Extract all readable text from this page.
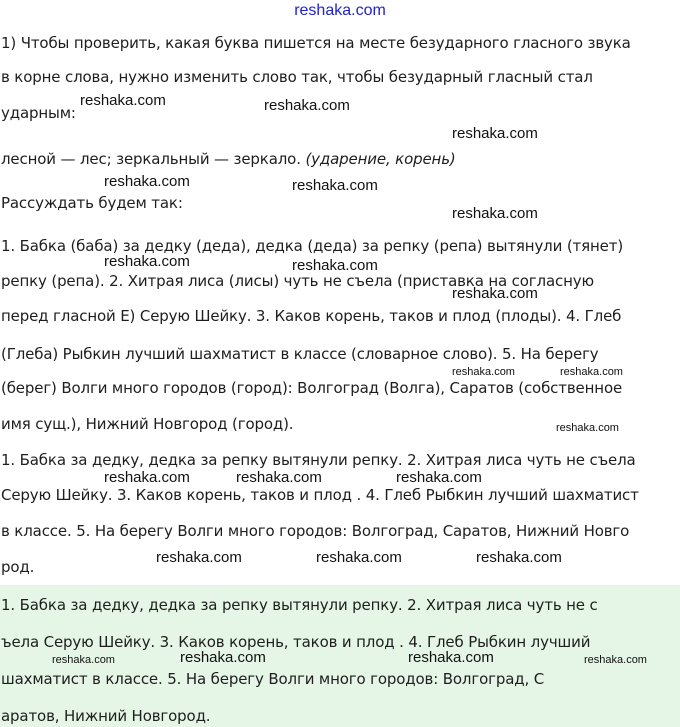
reshaka.com
1) Чтобы проверить, какая буква пишется на месте безударного гласного звука
в корне слова, нужно изменить слово так, чтобы безударный гласный стал
ударным:
лесной — лес; зеркальный — зеркало. (ударение, корень)
Рассуждать будем так:
1. Бабка (баба) за дедку (деда), дедка (деда) за репку (репа) вытянули (тянет)
репку (репа). 2. Хитрая лиса (лисы) чуть не съела (приставка на согласную
перед гласной Е) Серую Шейку. 3. Каков корень, таков и плод (плоды). 4. Глеб
(Глеба) Рыбкин лучший шахматист в классе (словарное слово). 5. На берегу
(берег) Волги много городов (город): Волгоград (Волга), Саратов (собственное
имя сущ.), Нижний Новгород (город).
1. Бабка за дедку, дедка за репку вытянули репку. 2. Хитрая лиса чуть не съела
Серую Шейку. 3. Каков корень, таков и плод . 4. Глеб Рыбкин лучший шахматист
в классе. 5. На берегу Волги много городов: Волгоград, Саратов, Нижний Новго
род.
1. Бабка за дедку, дедка за репку вытянули репку. 2. Хитрая лиса чуть не с
ъела Серую Шейку. 3. Каков корень, таков и плод . 4. Глеб Рыбкин лучший
шахматист в классе. 5. На берегу Волги много городов: Волгоград, С
аратов, Нижний Новгород.
reshaka.com	reshaka.com
reshaka.com
reshaka.com	reshaka.com
reshaka.com
reshaka.com	reshaka.com
reshaka.com
reshaka.com	reshaka.com
reshaka.com
reshaka.com	reshaka.com	reshaka.com
reshaka.com	reshaka.com	reshaka.com
reshaka.com	reshaka.com	reshaka.com	reshaka.com
